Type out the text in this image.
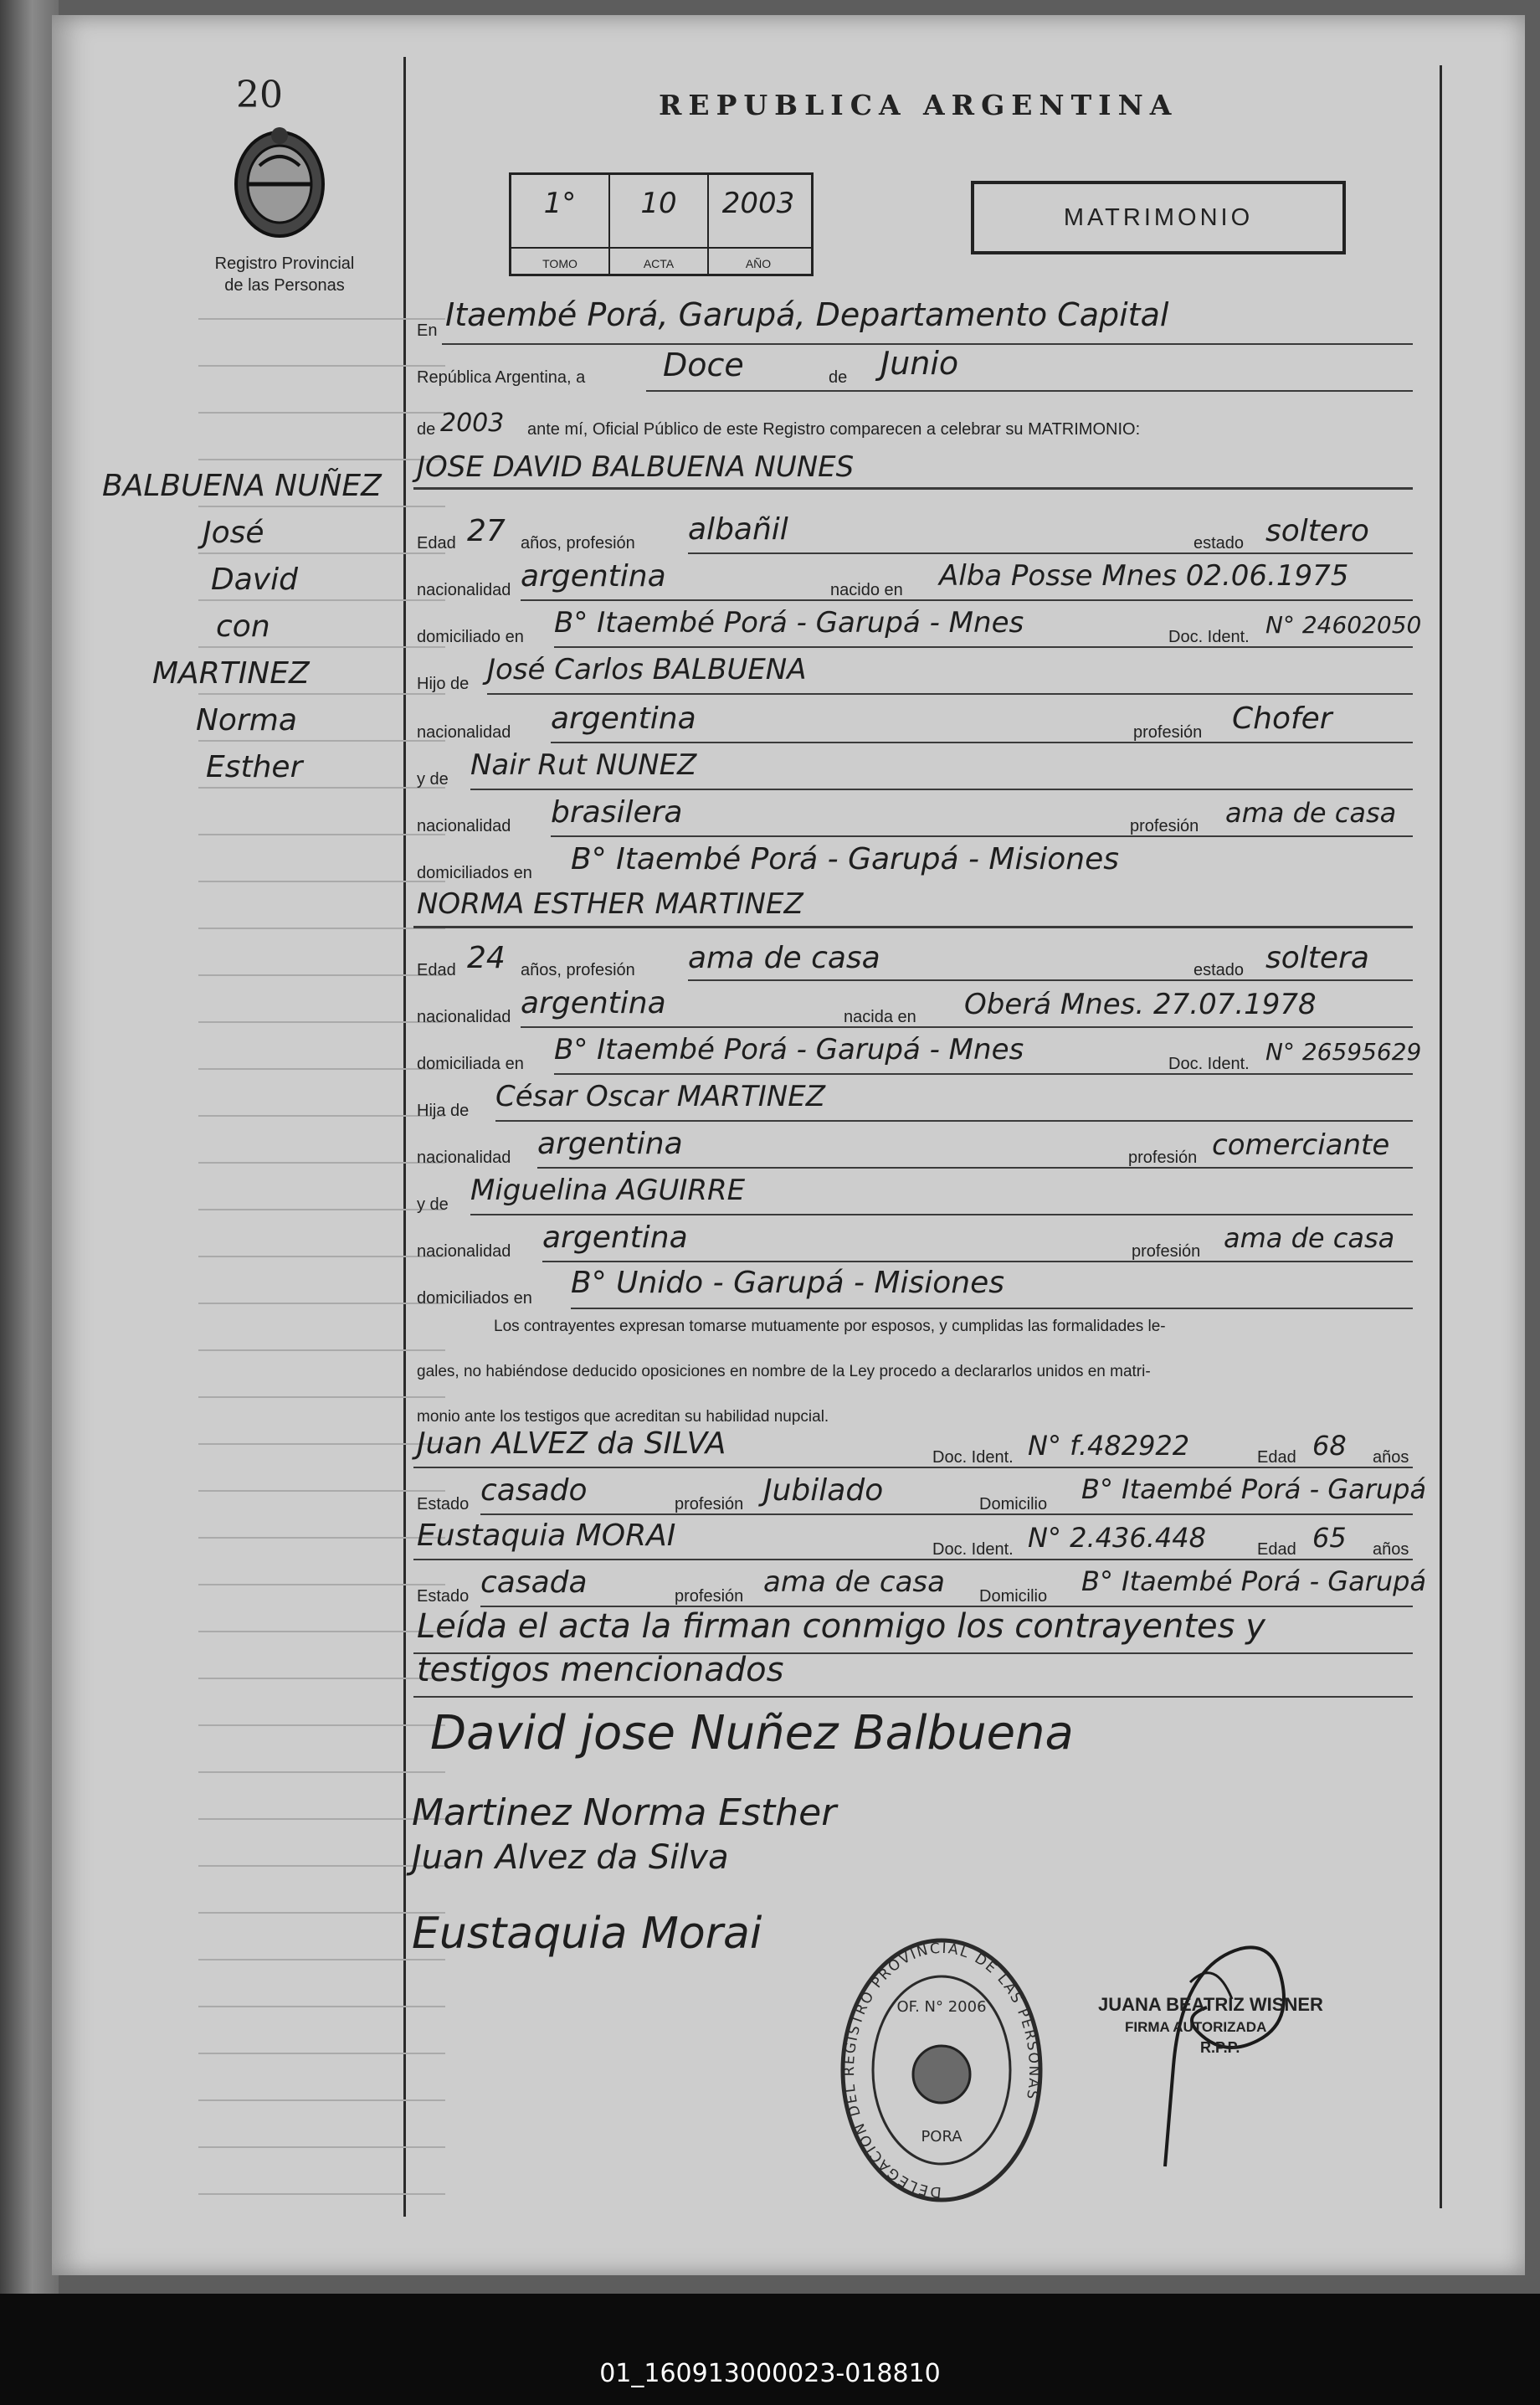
20
Registro Provincial
de las Personas
REPUBLICA ARGENTINA
1°
TOMO
10
ACTA
2003
AÑO
MATRIMONIO
BALBUENA NUÑEZ
José
David
con
MARTINEZ
Norma
Esther
En Itaembé Porá, Garupá, Departamento Capital
República Argentina, a Doce	de Junio
de 2003 ante mí, Oficial Público de este Registro comparecen a celebrar su MATRIMONIO:
JOSE DAVID BALBUENA NUNES
Edad 27 años, profesión albañil	estado soltero
nacionalidad argentina	nacido en Alba Posse Mnes 02.06.1975
domiciliado en B° Itaembé Porá - Garupá - Mnes	Doc. Ident. N° 24602050
Hijo de José Carlos BALBUENA
nacionalidad argentina	profesión Chofer
y de Nair Rut NUNEZ
nacionalidad brasilera	profesión ama de casa
domiciliados en B° Itaembé Porá - Garupá - Misiones
NORMA ESTHER MARTINEZ
Edad 24 años, profesión ama de casa	estado soltera
nacionalidad argentina	nacida en Oberá Mnes. 27.07.1978
domiciliada en B° Itaembé Porá - Garupá - Mnes	Doc. Ident. N° 26595629
Hija de César Oscar MARTINEZ
nacionalidad argentina	profesión comerciante
y de Miguelina AGUIRRE
nacionalidad argentina	profesión ama de casa
domiciliados en B° Unido - Garupá - Misiones
Los contrayentes expresan tomarse mutuamente por esposos, y cumplidas las formalidades le-
gales, no habiéndose deducido oposiciones en nombre de la Ley procedo a declararlos unidos en matri-
monio ante los testigos que acreditan su habilidad nupcial.
Juan ALVEZ da SILVA	Doc. Ident. N° f.482922	Edad 68 años
Estado casado	profesión Jubilado	Domicilio B° Itaembé Porá - Garupá
Eustaquia MORAI	Doc. Ident. N° 2.436.448	Edad 65 años
Estado casada	profesión ama de casa Domicilio B° Itaembé Porá - Garupá
Leída el acta la firman conmigo los contrayentes y
testigos mencionados
David jose Nuñez Balbuena
Martinez Norma Esther
Juan Alvez da Silva
Eustaquia Morai
DELEGACION DEL REGISTRO PROVINCIAL DE LAS PERSONAS
OF. N° 2006
PORA
JUANA BEATRIZ WISNER
FIRMA AUTORIZADA
R.P.P.
01_160913000023-018810
